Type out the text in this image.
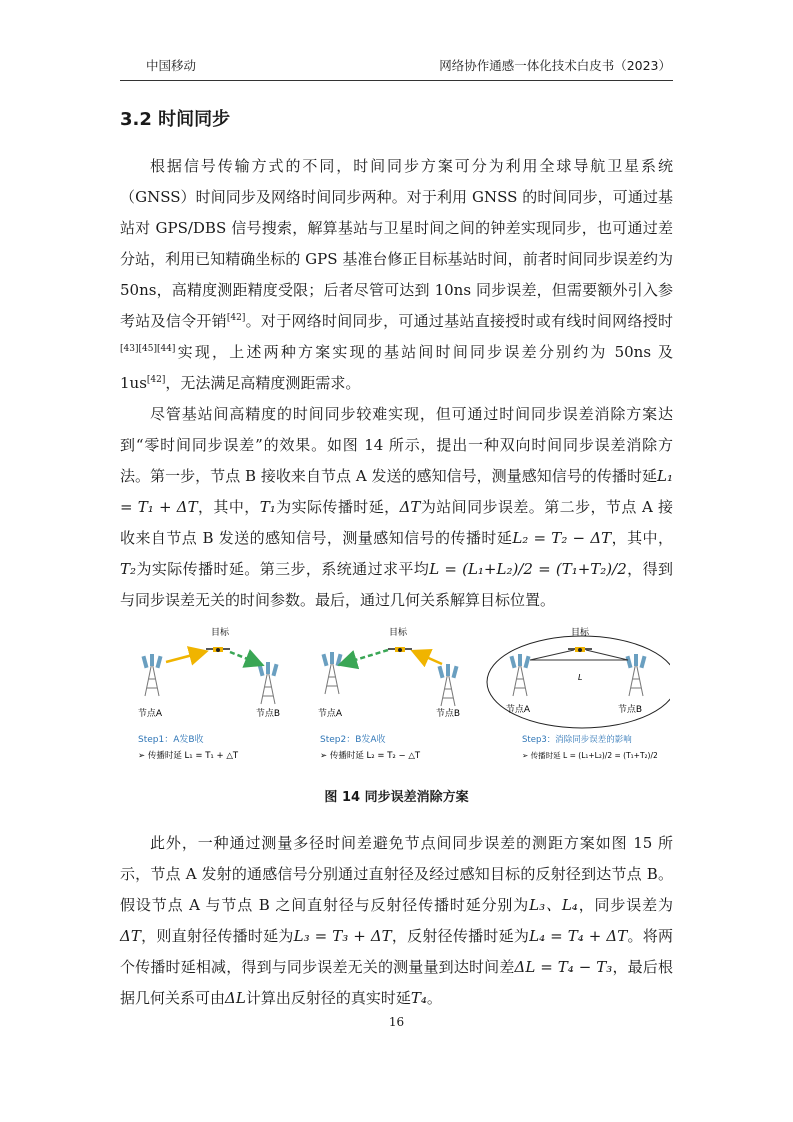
中国移动	网络协作通感一体化技术白皮书（2023）
3.2 时间同步

根据信号传输方式的不同，时间同步方案可分为利用全球导航卫星系统（GNSS）时间同步及网络时间同步两种。对于利用 GNSS 的时间同步，可通过基站对 GPS/DBS 信号搜索，解算基站与卫星时间之间的钟差实现同步，也可通过差分站，利用已知精确坐标的 GPS 基准台修正目标基站时间，前者时间同步误差约为 50ns，高精度测距精度受限；后者尽管可达到 10ns 同步误差，但需要额外引入参考站及信令开销[42]。对于网络时间同步，可通过基站直接授时或有线时间网络授时[43][45][44]实现，上述两种方案实现的基站间时间同步误差分别约为 50ns 及 1us[42]，无法满足高精度测距需求。

尽管基站间高精度的时间同步较难实现，但可通过时间同步误差消除方案达到“零时间同步误差”的效果。如图 14 所示，提出一种双向时间同步误差消除方法。第一步，节点 B 接收来自节点 A 发送的感知信号，测量感知信号的传播时延L₁ = T₁ + ΔT，其中，T₁为实际传播时延，ΔT为站间同步误差。第二步，节点 A 接收来自节点 B 发送的感知信号，测量感知信号的传播时延L₂ = T₂ − ΔT，其中，T₂为实际传播时延。第三步，系统通过求平均L = (L₁+L₂)/2 = (T₁+T₂)/2，得到与同步误差无关的时间参数。最后，通过几何关系解算目标位置。

目标
节点A	节点B
Step1：A发B收
➢ 传播时延 L₁ = T₁ + △T
目标
节点A	节点B
Step2：B发A收
➢ 传播时延 L₂ = T₂ − △T
目标
L
节点A	节点B
Step3：消除同步误差的影响
➢ 传播时延 L = (L₁+L₂)/2 = (T₁+T₂)/2
图 14 同步误差消除方案

此外，一种通过测量多径时间差避免节点间同步误差的测距方案如图 15 所示，节点 A 发射的通感信号分别通过直射径及经过感知目标的反射径到达节点 B。假设节点 A 与节点 B 之间直射径与反射径传播时延分别为L₃、L₄，同步误差为ΔT，则直射径传播时延为L₃ = T₃ + ΔT，反射径传播时延为L₄ = T₄ + ΔT。将两个传播时延相减，得到与同步误差无关的测量量到达时间差ΔL = T₄ − T₃，最后根据几何关系可由ΔL计算出反射径的真实时延T₄。

16
